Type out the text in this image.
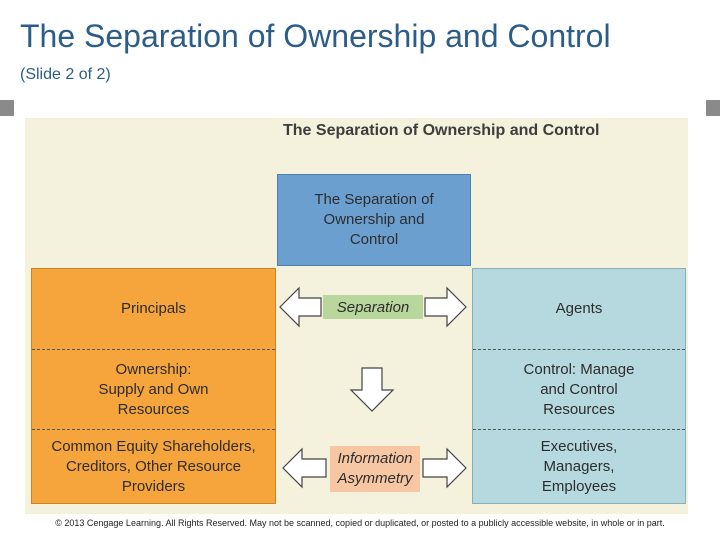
The Separation of Ownership and Control
(Slide 2 of 2)
The Separation of Ownership and Control
The Separation of
Ownership and
Control
Principals
Ownership:
Supply and Own
Resources
Common Equity Shareholders,
Creditors, Other Resource
Providers
Agents
Control: Manage
and Control
Resources
Executives,
Managers,
Employees
Separation
Information
Asymmetry
© 2013 Cengage Learning. All Rights Reserved. May not be scanned, copied or duplicated, or posted to a publicly accessible website, in whole or in part.
